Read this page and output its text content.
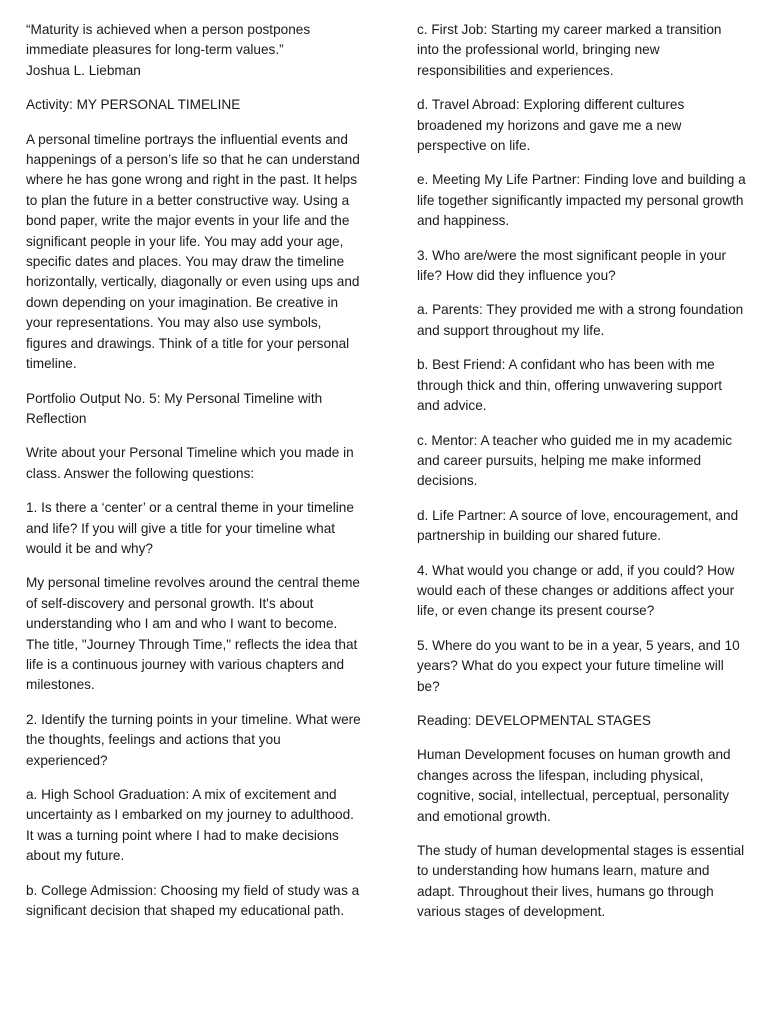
“Maturity is achieved when a person postpones immediate pleasures for long-term values.”
Joshua L. Liebman

Activity: MY PERSONAL TIMELINE

A personal timeline portrays the influential events and happenings of a person’s life so that he can understand where he has gone wrong and right in the past. It helps to plan the future in a better constructive way. Using a bond paper, write the major events in your life and the significant people in your life. You may add your age, specific dates and places. You may draw the timeline horizontally, vertically, diagonally or even using ups and down depending on your imagination. Be creative in your representations. You may also use symbols, figures and drawings. Think of a title for your personal timeline.

Portfolio Output No. 5: My Personal Timeline with Reflection

Write about your Personal Timeline which you made in class. Answer the following questions:

1. Is there a ‘center’ or a central theme in your timeline and life? If you will give a title for your timeline what would it be and why?

My personal timeline revolves around the central theme of self-discovery and personal growth. It's about understanding who I am and who I want to become. The title, "Journey Through Time," reflects the idea that life is a continuous journey with various chapters and milestones.

2. Identify the turning points in your timeline. What were the thoughts, feelings and actions that you experienced?

a. High School Graduation: A mix of excitement and uncertainty as I embarked on my journey to adulthood. It was a turning point where I had to make decisions about my future.

b. College Admission: Choosing my field of study was a significant decision that shaped my educational path.

c. First Job: Starting my career marked a transition into the professional world, bringing new responsibilities and experiences.

d. Travel Abroad: Exploring different cultures broadened my horizons and gave me a new perspective on life.

e. Meeting My Life Partner: Finding love and building a life together significantly impacted my personal growth and happiness.

3. Who are/were the most significant people in your life? How did they influence you?

a. Parents: They provided me with a strong foundation and support throughout my life.

b. Best Friend: A confidant who has been with me through thick and thin, offering unwavering support and advice.

c. Mentor: A teacher who guided me in my academic and career pursuits, helping me make informed decisions.

d. Life Partner: A source of love, encouragement, and partnership in building our shared future.

4. What would you change or add, if you could? How would each of these changes or additions affect your life, or even change its present course?

5. Where do you want to be in a year, 5 years, and 10 years? What do you expect your future timeline will be?

Reading: DEVELOPMENTAL STAGES

Human Development focuses on human growth and changes across the lifespan, including physical, cognitive, social, intellectual, perceptual, personality and emotional growth.

The study of human developmental stages is essential to understanding how humans learn, mature and adapt. Throughout their lives, humans go through various stages of development.
